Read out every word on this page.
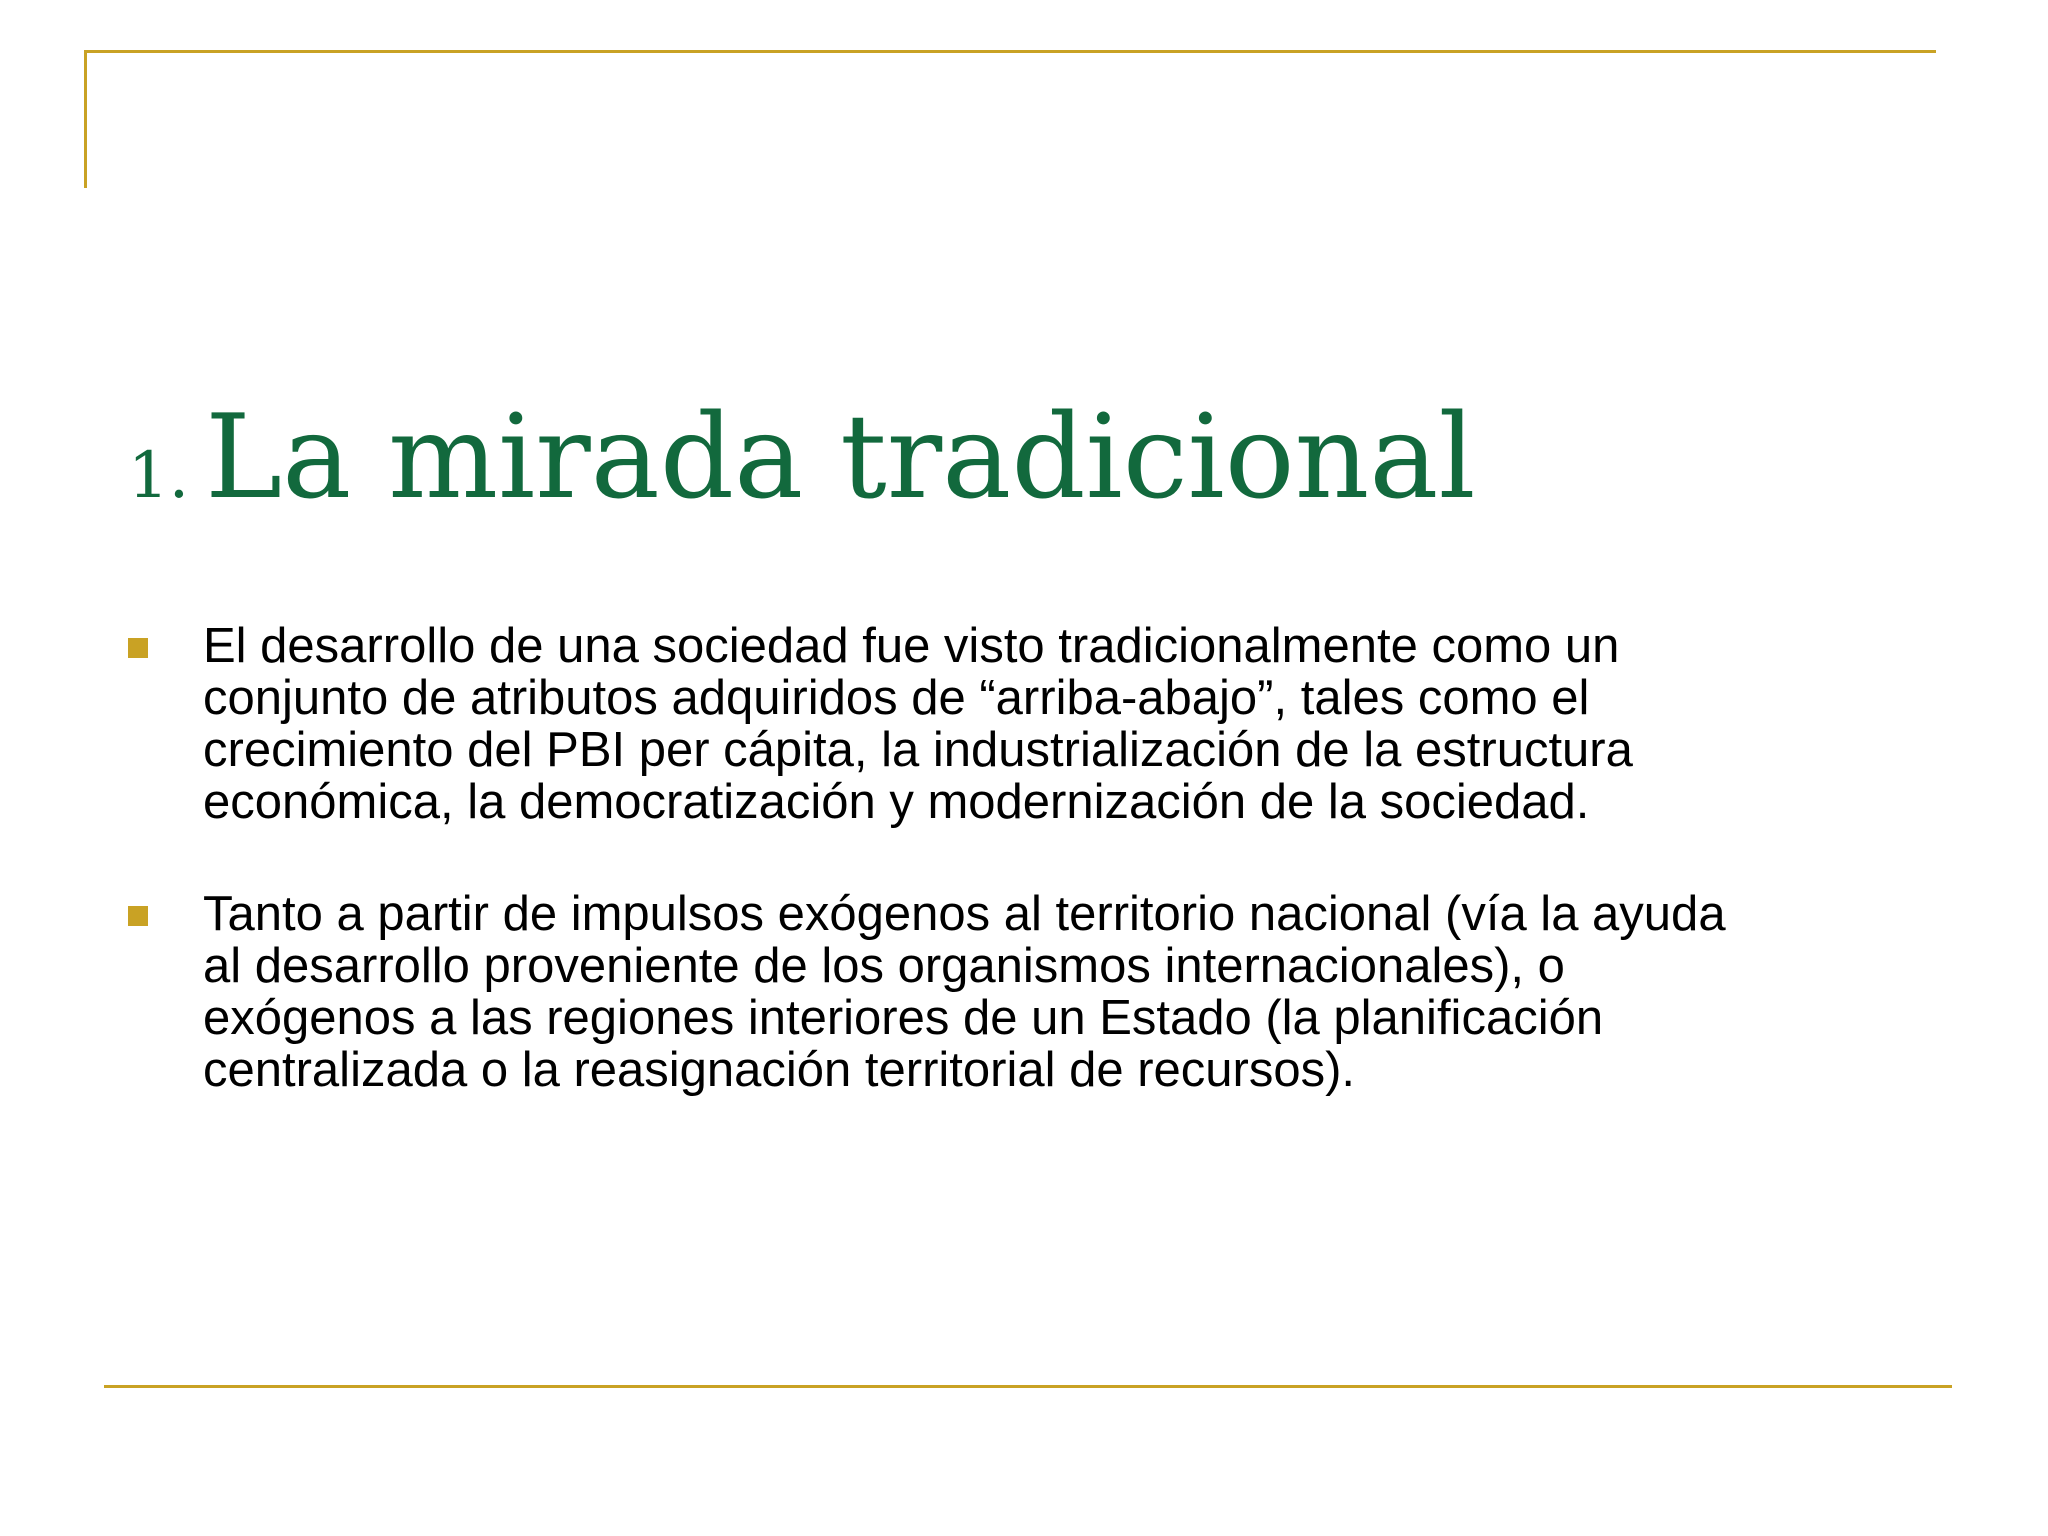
1. La mirada tradicional
El desarrollo de una sociedad fue visto tradicionalmente como un
conjunto de atributos adquiridos de “arriba-abajo”, tales como el
crecimiento del PBI per cápita, la industrialización de la estructura
económica, la democratización y modernización de la sociedad.
Tanto a partir de impulsos exógenos al territorio nacional (vía la ayuda
al desarrollo proveniente de los organismos internacionales), o
exógenos a las regiones interiores de un Estado (la planificación
centralizada o la reasignación territorial de recursos).
